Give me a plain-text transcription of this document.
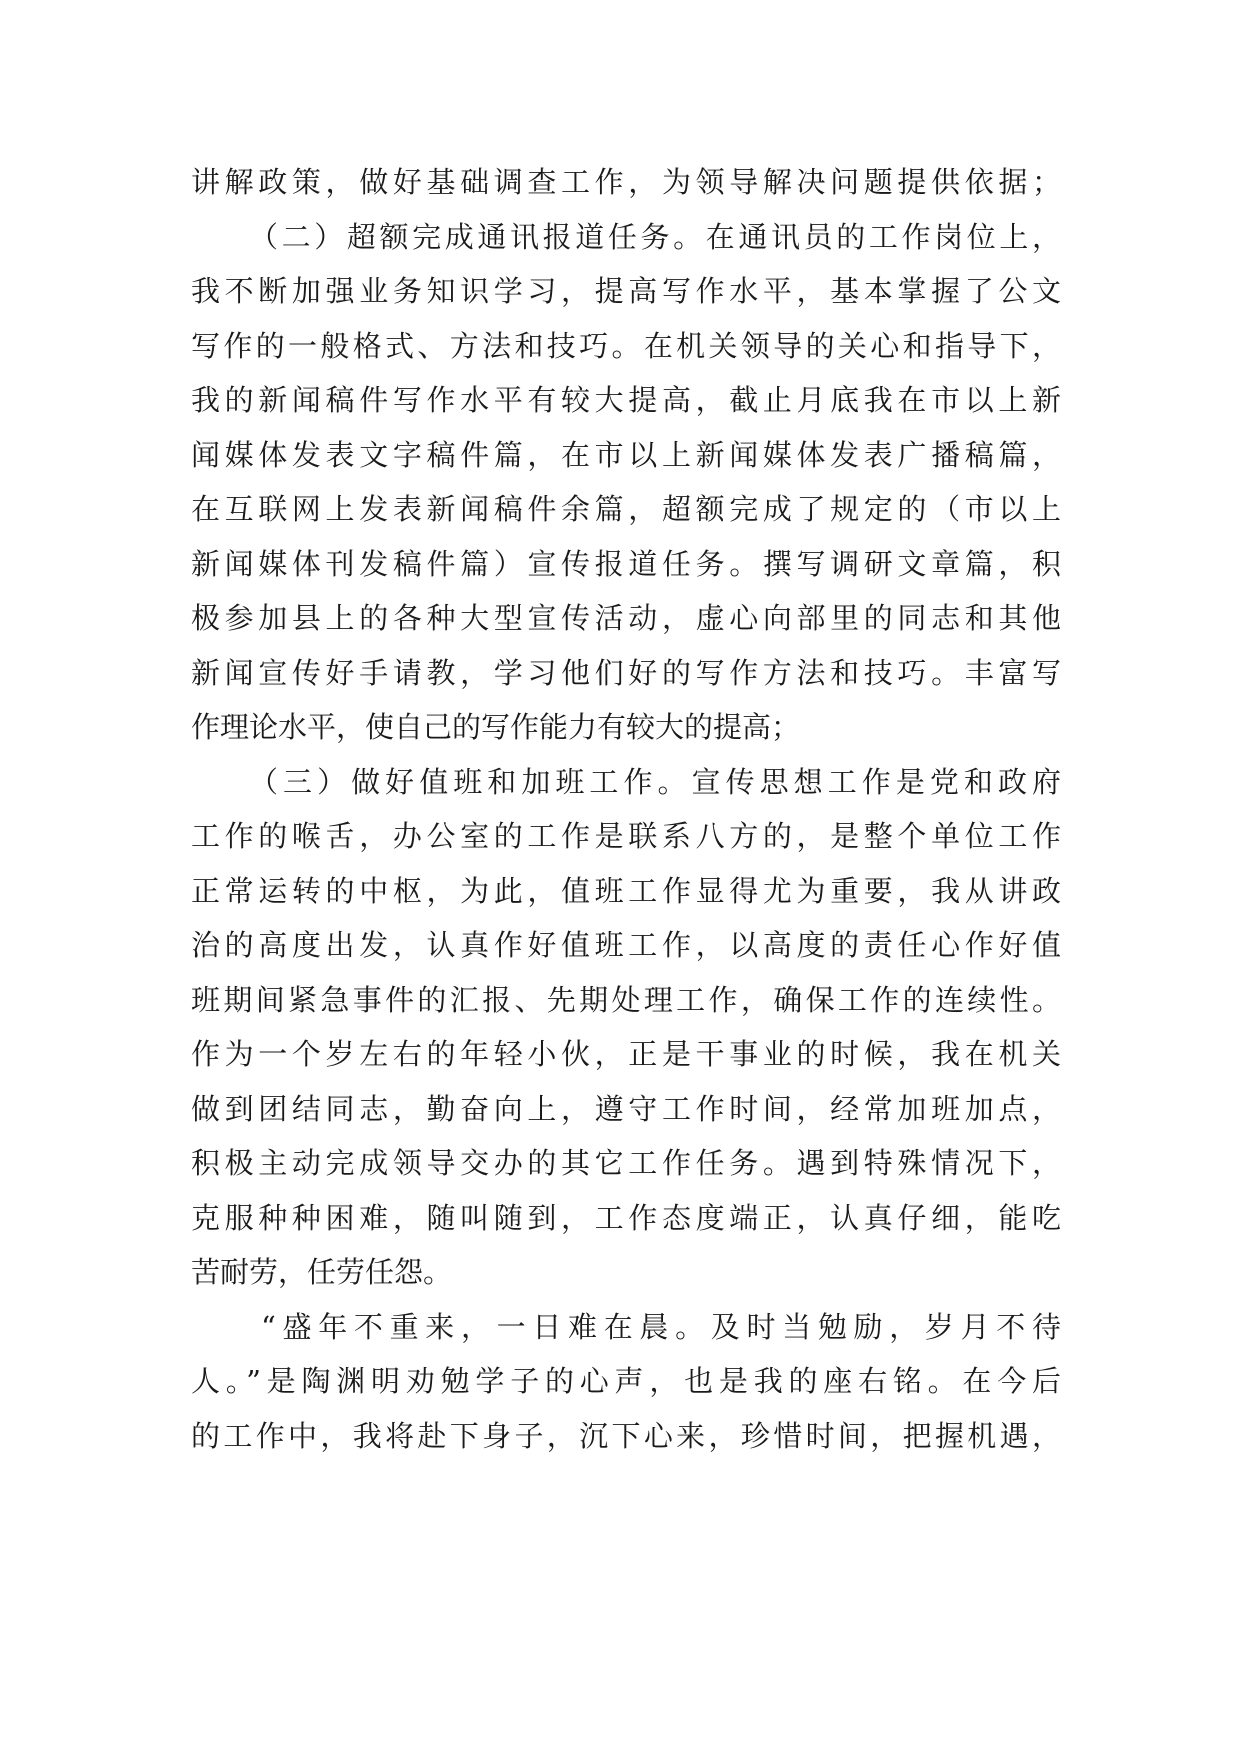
讲解政策，做好基础调查工作，为领导解决问题提供依据；
（二）超额完成通讯报道任务。在通讯员的工作岗位上，
我不断加强业务知识学习，提高写作水平，基本掌握了公文
写作的一般格式、方法和技巧。在机关领导的关心和指导下，
我的新闻稿件写作水平有较大提高，截止月底我在市以上新
闻媒体发表文字稿件篇，在市以上新闻媒体发表广播稿篇，
在互联网上发表新闻稿件余篇，超额完成了规定的（市以上
新闻媒体刊发稿件篇）宣传报道任务。撰写调研文章篇，积
极参加县上的各种大型宣传活动，虚心向部里的同志和其他
新闻宣传好手请教，学习他们好的写作方法和技巧。丰富写
作理论水平，使自己的写作能力有较大的提高；
（三）做好值班和加班工作。宣传思想工作是党和政府
工作的喉舌，办公室的工作是联系八方的，是整个单位工作
正常运转的中枢，为此，值班工作显得尤为重要，我从讲政
治的高度出发，认真作好值班工作，以高度的责任心作好值
班期间紧急事件的汇报、先期处理工作，确保工作的连续性。
作为一个岁左右的年轻小伙，正是干事业的时候，我在机关
做到团结同志，勤奋向上，遵守工作时间，经常加班加点，
积极主动完成领导交办的其它工作任务。遇到特殊情况下，
克服种种困难，随叫随到，工作态度端正，认真仔细，能吃
苦耐劳，任劳任怨。
“盛年不重来，一日难在晨。及时当勉励，岁月不待
人。”是陶渊明劝勉学子的心声，也是我的座右铭。在今后
的工作中，我将赴下身子，沉下心来，珍惜时间，把握机遇，
